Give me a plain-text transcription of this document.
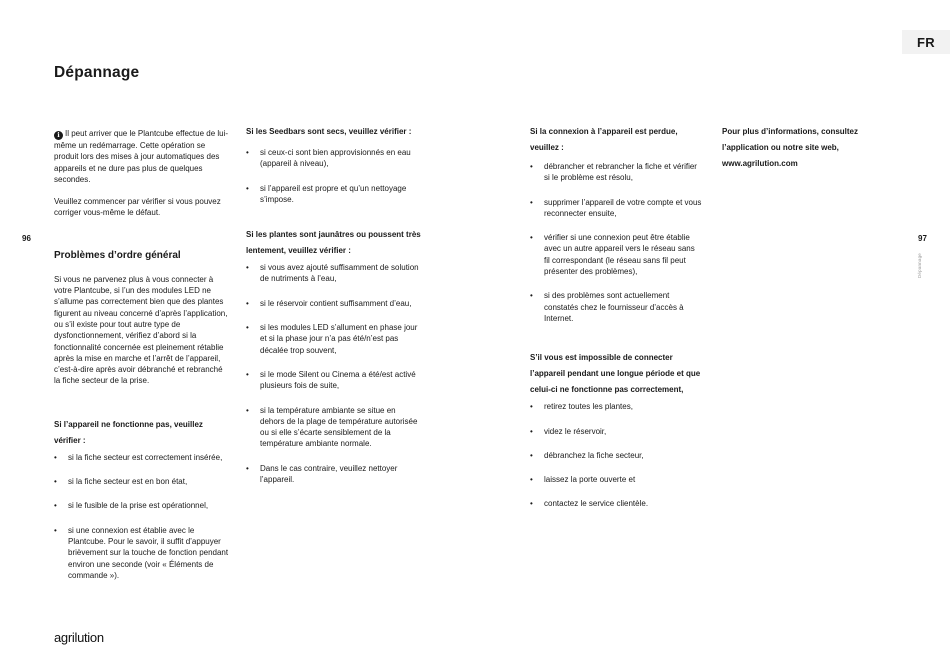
FR
Dépannage
96	97
Dépannage

i Il peut arriver que le Plantcube effectue de lui-même un redémarrage. Cette opération se produit lors des mises à jour automatiques des appareils et ne dure pas plus de quelques secondes.

Veuillez commencer par vérifier si vous pouvez corriger vous-même le défaut.

Problèmes d’ordre général

Si vous ne parvenez plus à vous connecter à votre Plantcube, si l’un des modules LED ne s’allume pas correctement bien que des plantes figurent au niveau concerné d’après l’application, ou s’il existe pour tout autre type de dysfonctionnement, vérifiez d’abord si la fonctionnalité concernée est pleinement rétablie après la mise en marche et l’arrêt de l’appareil, c’est-à-dire après avoir débranché et rebranché la fiche secteur de la prise.

Si l’appareil ne fonctionne pas, veuillez vérifier :
• si la fiche secteur est correctement insérée,
• si la fiche secteur est en bon état,
• si le fusible de la prise est opérationnel,
• si une connexion est établie avec le Plantcube. Pour le savoir, il suffit d’appuyer brièvement sur la touche de fonction pendant environ une seconde (voir « Éléments de commande »).
Si les Seedbars sont secs, veuillez vérifier :
• si ceux-ci sont bien approvisionnés en eau (appareil à niveau),
• si l’appareil est propre et qu’un nettoyage s’impose.
Si les plantes sont jaunâtres ou poussent très lentement, veuillez vérifier :
• si vous avez ajouté suffisamment de solution de nutriments à l’eau,
• si le réservoir contient suffisamment d’eau,
• si les modules LED s’allument en phase jour et si la phase jour n’a pas été/n’est pas décalée trop souvent,
• si le mode Silent ou Cinema a été/est activé plusieurs fois de suite,
• si la température ambiante se situe en dehors de la plage de température autorisée ou si elle s’écarte sensiblement de la température ambiante normale.
• Dans le cas contraire, veuillez nettoyer l’appareil.
Si la connexion à l’appareil est perdue, veuillez :
• débrancher et rebrancher la fiche et vérifier si le problème est résolu,
• supprimer l’appareil de votre compte et vous reconnecter ensuite,
• vérifier si une connexion peut être établie avec un autre appareil vers le réseau sans fil correspondant (le réseau sans fil peut présenter des problèmes),
• si des problèmes sont actuellement constatés chez le fournisseur d’accès à Internet.
S’il vous est impossible de connecter l’appareil pendant une longue période et que celui-ci ne fonctionne pas correctement,
• retirez toutes les plantes,
• videz le réservoir,
• débranchez la fiche secteur,
• laissez la porte ouverte et
• contactez le service clientèle.
Pour plus d’informations, consultez l’application ou notre site web, www.agrilution.com
agrilution
